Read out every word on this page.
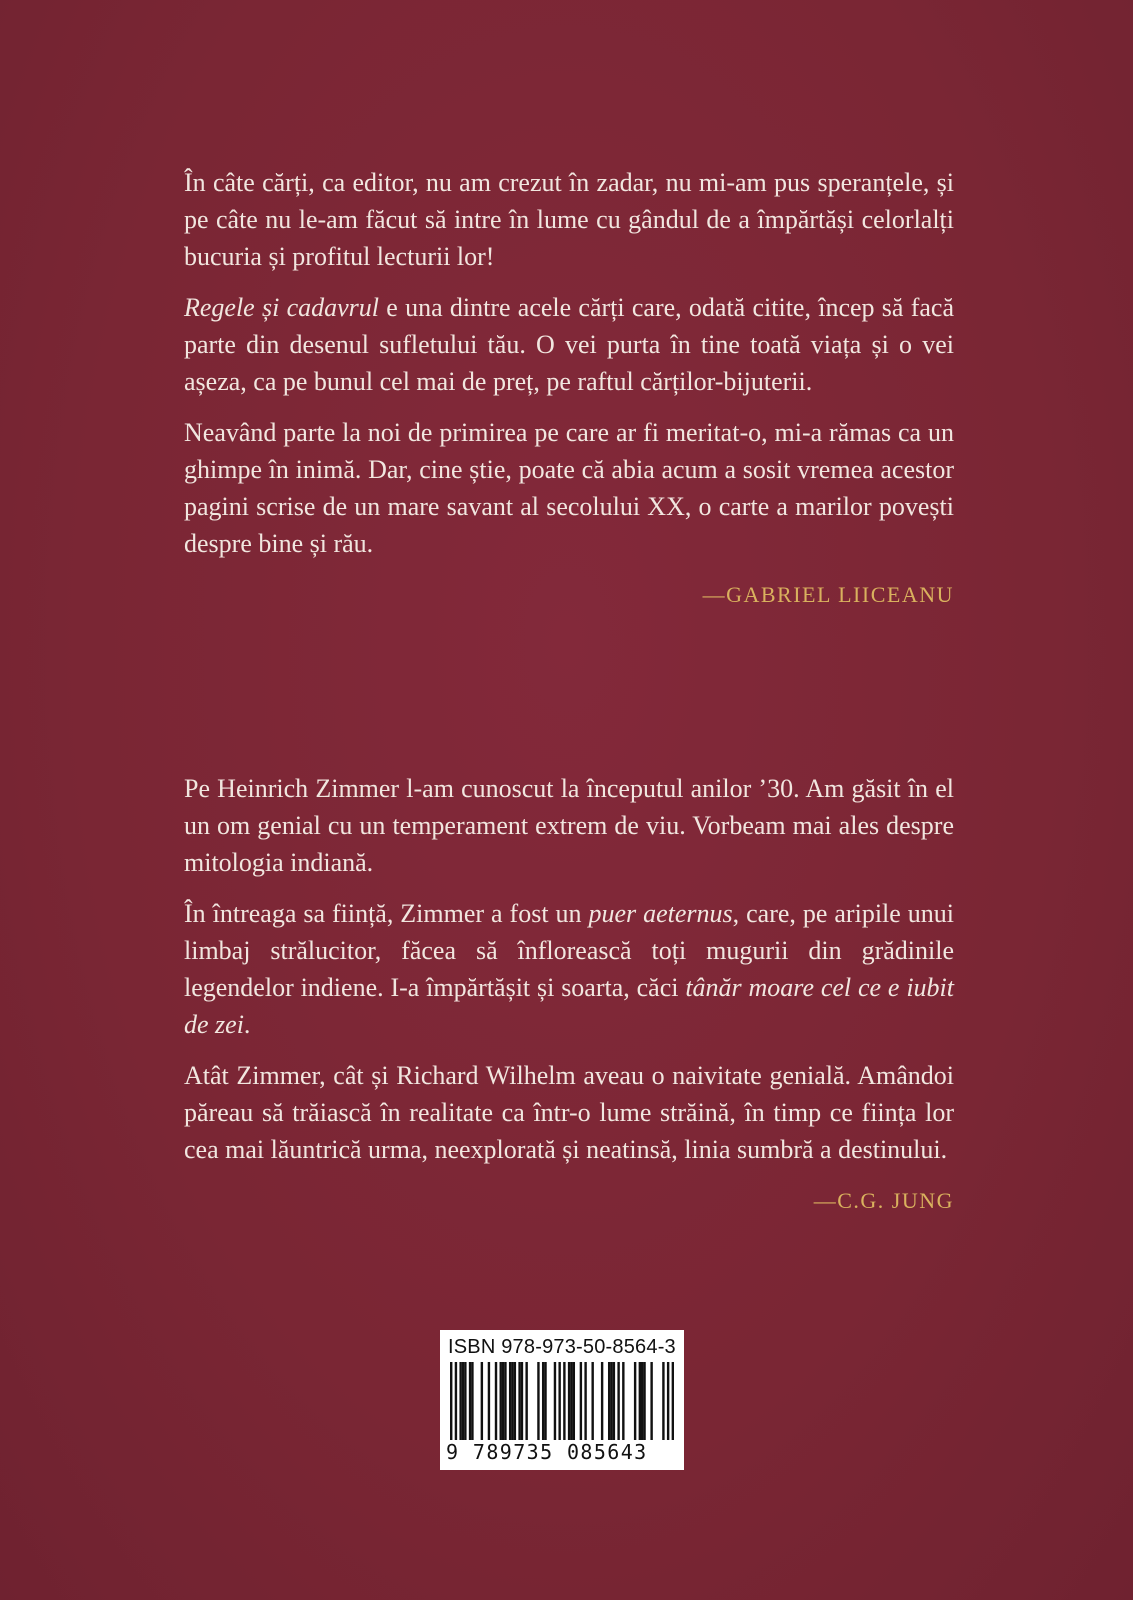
În câte cărți, ca editor, nu am crezut în zadar, nu mi-am pus speranțele, și pe câte nu le-am făcut să intre în lume cu gândul de a împărtăși celorlalți bucuria și profitul lecturii lor!

Regele și cadavrul e una dintre acele cărți care, odată citite, încep să facă parte din desenul sufletului tău. O vei purta în tine toată viața și o vei așeza, ca pe bunul cel mai de preț, pe raftul cărților-bijuterii.

Neavând parte la noi de primirea pe care ar fi meritat-o, mi-a rămas ca un ghimpe în inimă. Dar, cine știe, poate că abia acum a sosit vremea acestor pagini scrise de un mare savant al secolului XX, o carte a marilor povești despre bine și rău.

—GABRIEL LIICEANU

Pe Heinrich Zimmer l-am cunoscut la începutul anilor ’30. Am găsit în el un om genial cu un temperament extrem de viu. Vorbeam mai ales despre mitologia indiană.

În întreaga sa ființă, Zimmer a fost un puer aeternus, care, pe aripile unui limbaj strălucitor, făcea să înflorească toți mugurii din grădinile legendelor indiene. I-a împărtășit și soarta, căci tânăr moare cel ce e iubit de zei.

Atât Zimmer, cât și Richard Wilhelm aveau o naivitate genială. Amândoi păreau să trăiască în realitate ca într-o lume străină, în timp ce ființa lor cea mai lăuntrică urma, neexplorată și neatinsă, linia sumbră a destinului.

—C.G. JUNG
ISBN 978-973-50-8564-3
9 789735 085643
